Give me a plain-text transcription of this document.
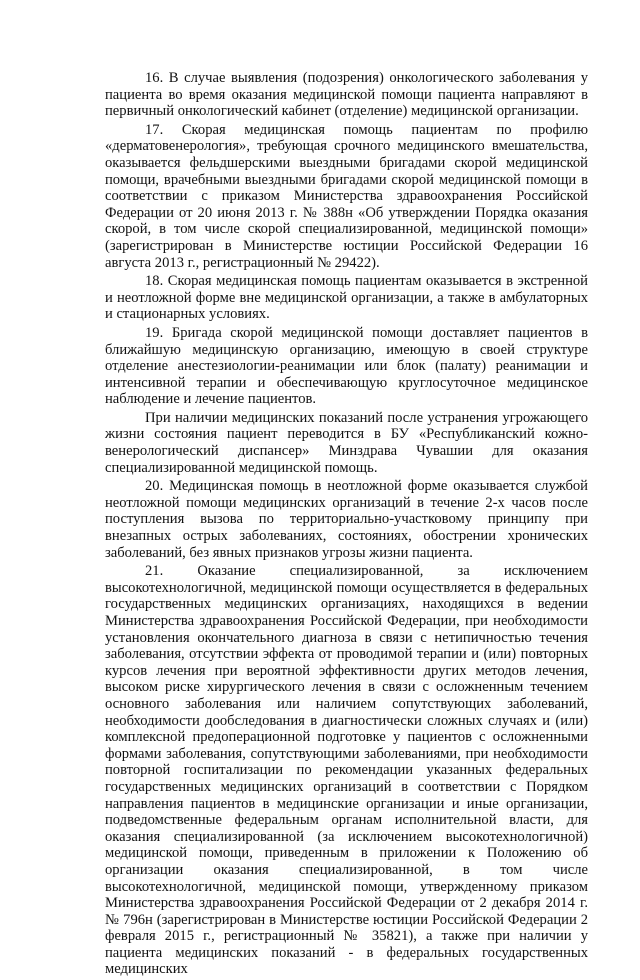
16. В случае выявления (подозрения) онкологического заболевания у пациента во время оказания медицинской помощи пациента направляют в первичный онкологический кабинет (отделение) медицинской организации.

17. Скорая медицинская помощь пациентам по профилю «дерматовенерология», требующая срочного медицинского вмешательства, оказывается фельдшерскими выездными бригадами скорой медицинской помощи, врачебными выездными бригадами скорой медицинской помощи в соответствии с приказом Министерства здравоохранения Российской Федерации от 20 июня 2013 г. № 388н «Об утверждении Порядка оказания скорой, в том числе скорой специализированной, медицинской помощи» (зарегистрирован в Министерстве юстиции Российской Федерации 16 августа 2013 г., регистрационный № 29422).

18. Скорая медицинская помощь пациентам оказывается в экстренной и неотложной форме вне медицинской организации, а также в амбулаторных и стационарных условиях.

19. Бригада скорой медицинской помощи доставляет пациентов в ближайшую медицинскую организацию, имеющую в своей структуре отделение анестезиологии-реанимации или блок (палату) реанимации и интенсивной терапии и обеспечивающую круглосуточное медицинское наблюдение и лечение пациентов.

При наличии медицинских показаний после устранения угрожающего жизни состояния пациент переводится в БУ «Республиканский кожно-венерологический диспансер» Минздрава Чувашии для оказания специализированной медицинской помощь.

20. Медицинская помощь в неотложной форме оказывается службой неотложной помощи медицинских организаций в течение 2-х часов после поступления вызова по территориально-участковому принципу при внезапных острых заболеваниях, состояниях, обострении хронических заболеваний, без явных признаков угрозы жизни пациента.

21. Оказание специализированной, за исключением высокотехнологичной, медицинской помощи осуществляется в федеральных государственных медицинских организациях, находящихся в ведении Министерства здравоохранения Российской Федерации, при необходимости установления окончательного диагноза в связи с нетипичностью течения заболевания, отсутствии эффекта от проводимой терапии и (или) повторных курсов лечения при вероятной эффективности других методов лечения, высоком риске хирургического лечения в связи с осложненным течением основного заболевания или наличием сопутствующих заболеваний, необходимости дообследования в диагностически сложных случаях и (или) комплексной предоперационной подготовке у пациентов с осложненными формами заболевания, сопутствующими заболеваниями, при необходимости повторной госпитализации по рекомендации указанных федеральных государственных медицинских организаций в соответствии с Порядком направления пациентов в медицинские организации и иные организации, подведомственные федеральным органам исполнительной власти, для оказания специализированной (за исключением высокотехнологичной) медицинской помощи, приведенным в приложении к Положению об организации оказания специализированной, в том числе высокотехнологичной, медицинской помощи, утвержденному приказом Министерства здравоохранения Российской Федерации от 2 декабря 2014 г. № 796н (зарегистрирован в Министерстве юстиции Российской Федерации 2 февраля 2015 г., регистрационный № 35821), а также при наличии у пациента медицинских показаний - в федеральных государственных медицинских
